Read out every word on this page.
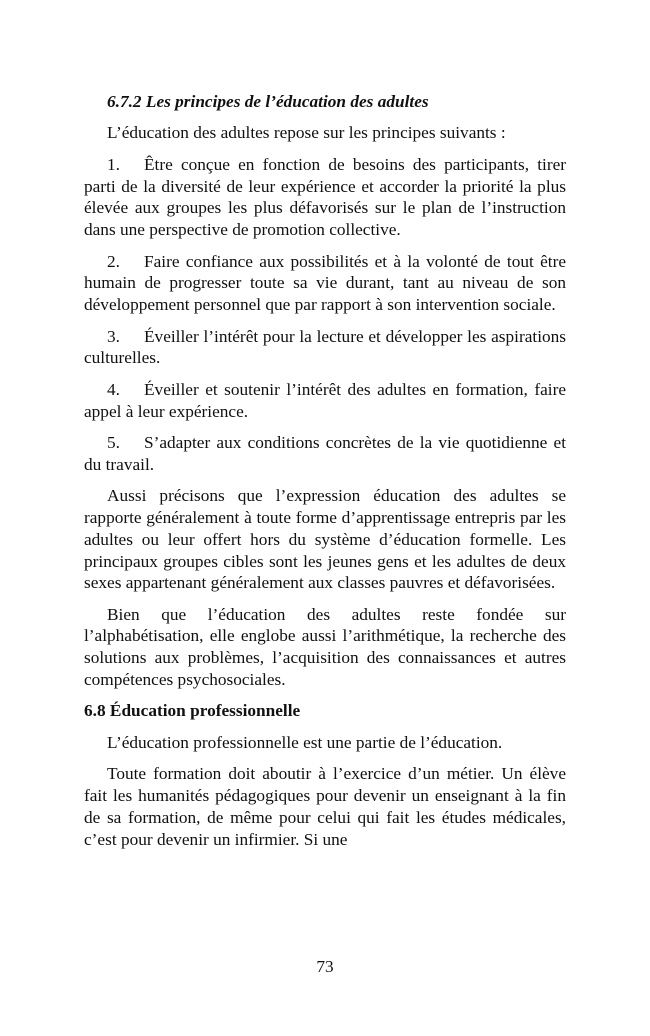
6.7.2 Les principes de l’éducation des adultes

L’éducation des adultes repose sur les principes suivants :

1. Être conçue en fonction de besoins des participants, tirer parti de la diversité de leur expérience et accorder la priorité la plus élevée aux groupes les plus défavorisés sur le plan de l’instruction dans une perspective de promotion collective.

2. Faire confiance aux possibilités et à la volonté de tout être humain de progresser toute sa vie durant, tant au niveau de son développement personnel que par rapport à son intervention sociale.

3. Éveiller l’intérêt pour la lecture et développer les aspirations culturelles.

4. Éveiller et soutenir l’intérêt des adultes en formation, faire appel à leur expérience.

5. S’adapter aux conditions concrètes de la vie quotidienne et du travail.

Aussi précisons que l’expression éducation des adultes se rapporte généralement à toute forme d’apprentissage entrepris par les adultes ou leur offert hors du système d’éducation formelle. Les principaux groupes cibles sont les jeunes gens et les adultes de deux sexes appartenant généralement aux classes pauvres et défavorisées.

Bien que l’éducation des adultes reste fondée sur l’alphabétisation, elle englobe aussi l’arithmétique, la recherche des solutions aux problèmes, l’acquisition des connaissances et autres compétences psychosociales.

6.8 Éducation professionnelle

L’éducation professionnelle est une partie de l’éducation.

Toute formation doit aboutir à l’exercice d’un métier. Un élève fait les humanités pédagogiques pour devenir un enseignant à la fin de sa formation, de même pour celui qui fait les études médicales, c’est pour devenir un infirmier. Si une

73
